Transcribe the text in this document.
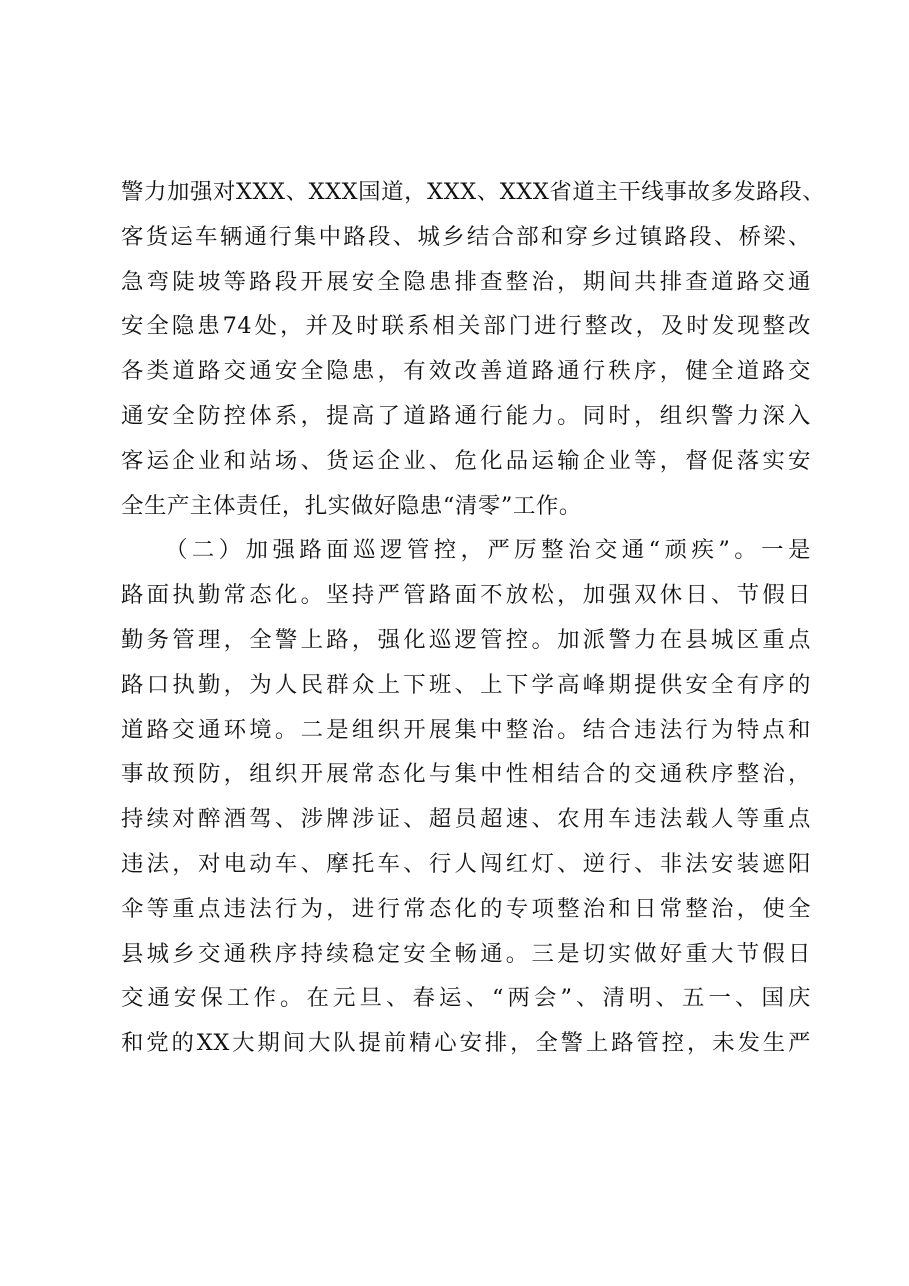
警力加强对XXX、XXX国道，XXX、XXX省道主干线事故多发路段、
客货运车辆通行集中路段、城乡结合部和穿乡过镇路段、桥梁、
急弯陡坡等路段开展安全隐患排查整治，期间共排查道路交通
安全隐患74处，并及时联系相关部门进行整改，及时发现整改
各类道路交通安全隐患，有效改善道路通行秩序，健全道路交
通安全防控体系，提高了道路通行能力。同时，组织警力深入
客运企业和站场、货运企业、危化品运输企业等，督促落实安
全生产主体责任，扎实做好隐患“清零”工作。
（二）加强路面巡逻管控，严厉整治交通“顽疾”。一是
路面执勤常态化。坚持严管路面不放松，加强双休日、节假日
勤务管理，全警上路，强化巡逻管控。加派警力在县城区重点
路口执勤，为人民群众上下班、上下学高峰期提供安全有序的
道路交通环境。二是组织开展集中整治。结合违法行为特点和
事故预防，组织开展常态化与集中性相结合的交通秩序整治，
持续对醉酒驾、涉牌涉证、超员超速、农用车违法载人等重点
违法，对电动车、摩托车、行人闯红灯、逆行、非法安装遮阳
伞等重点违法行为，进行常态化的专项整治和日常整治，使全
县城乡交通秩序持续稳定安全畅通。三是切实做好重大节假日
交通安保工作。在元旦、春运、“两会”、清明、五一、国庆
和党的XX大期间大队提前精心安排，全警上路管控，未发生严
